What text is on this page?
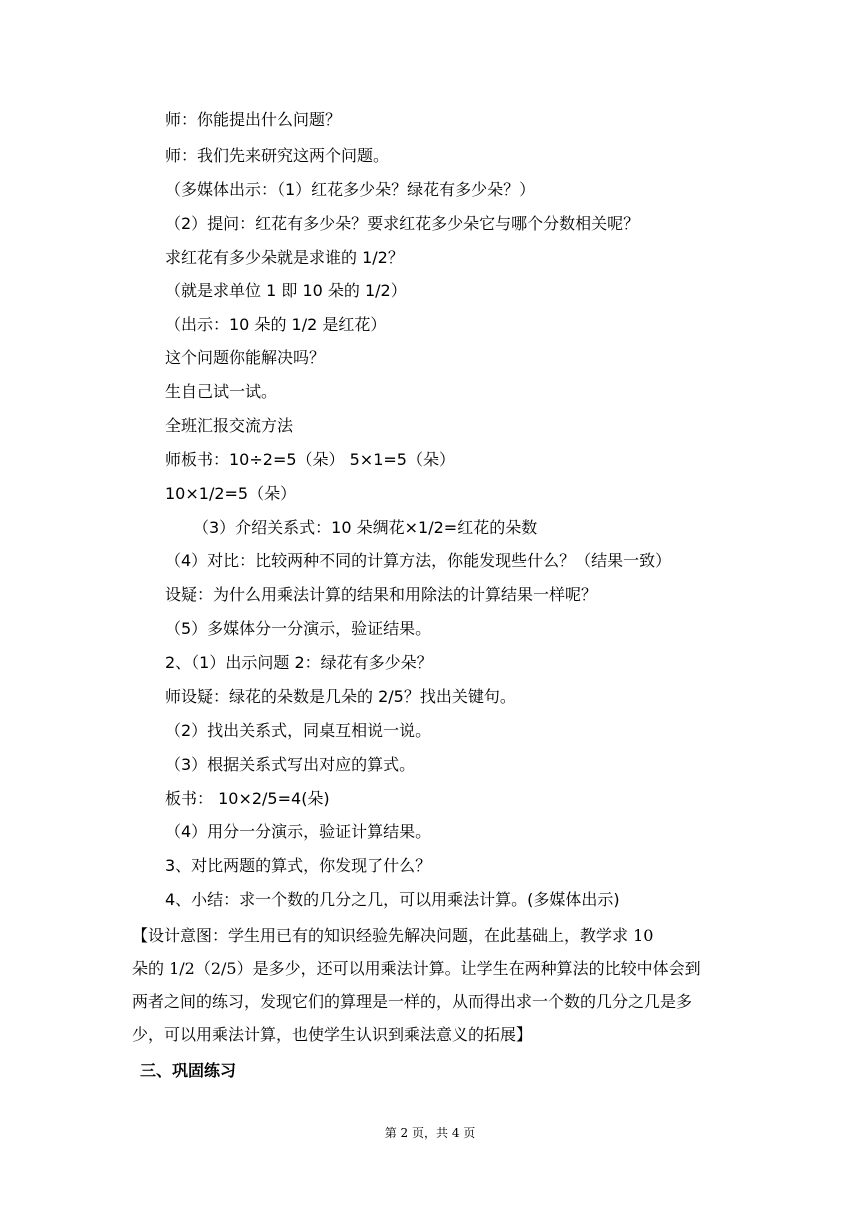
师：你能提出什么问题？
师：我们先来研究这两个问题。
（多媒体出示：（1）红花多少朵？绿花有多少朵？）
（2）提问：红花有多少朵？要求红花多少朵它与哪个分数相关呢？
求红花有多少朵就是求谁的 1/2？
（就是求单位 1 即 10 朵的 1/2）
（出示：10 朵的 1/2 是红花）
这个问题你能解决吗？
生自己试一试。
全班汇报交流方法
师板书：10÷2=5（朵） 5×1=5（朵）
10×1/2=5（朵）
（3）介绍关系式：10 朵绸花×1/2=红花的朵数
（4）对比：比较两种不同的计算方法，你能发现些什么？（结果一致）
设疑：为什么用乘法计算的结果和用除法的计算结果一样呢？
（5）多媒体分一分演示，验证结果。
2、（1）出示问题 2：绿花有多少朵？
师设疑：绿花的朵数是几朵的 2/5？找出关键句。
（2）找出关系式，同桌互相说一说。
（3）根据关系式写出对应的算式。
板书： 10×2/5=4(朵)
（4）用分一分演示，验证计算结果。
3、对比两题的算式，你发现了什么？
4、小结：求一个数的几分之几，可以用乘法计算。(多媒体出示)
【设计意图：学生用已有的知识经验先解决问题，在此基础上，教学求 10
朵的 1/2（2/5）是多少，还可以用乘法计算。让学生在两种算法的比较中体会到
两者之间的练习，发现它们的算理是一样的，从而得出求一个数的几分之几是多
少，可以用乘法计算，也使学生认识到乘法意义的拓展】
三、巩固练习
第 2 页，共 4 页
